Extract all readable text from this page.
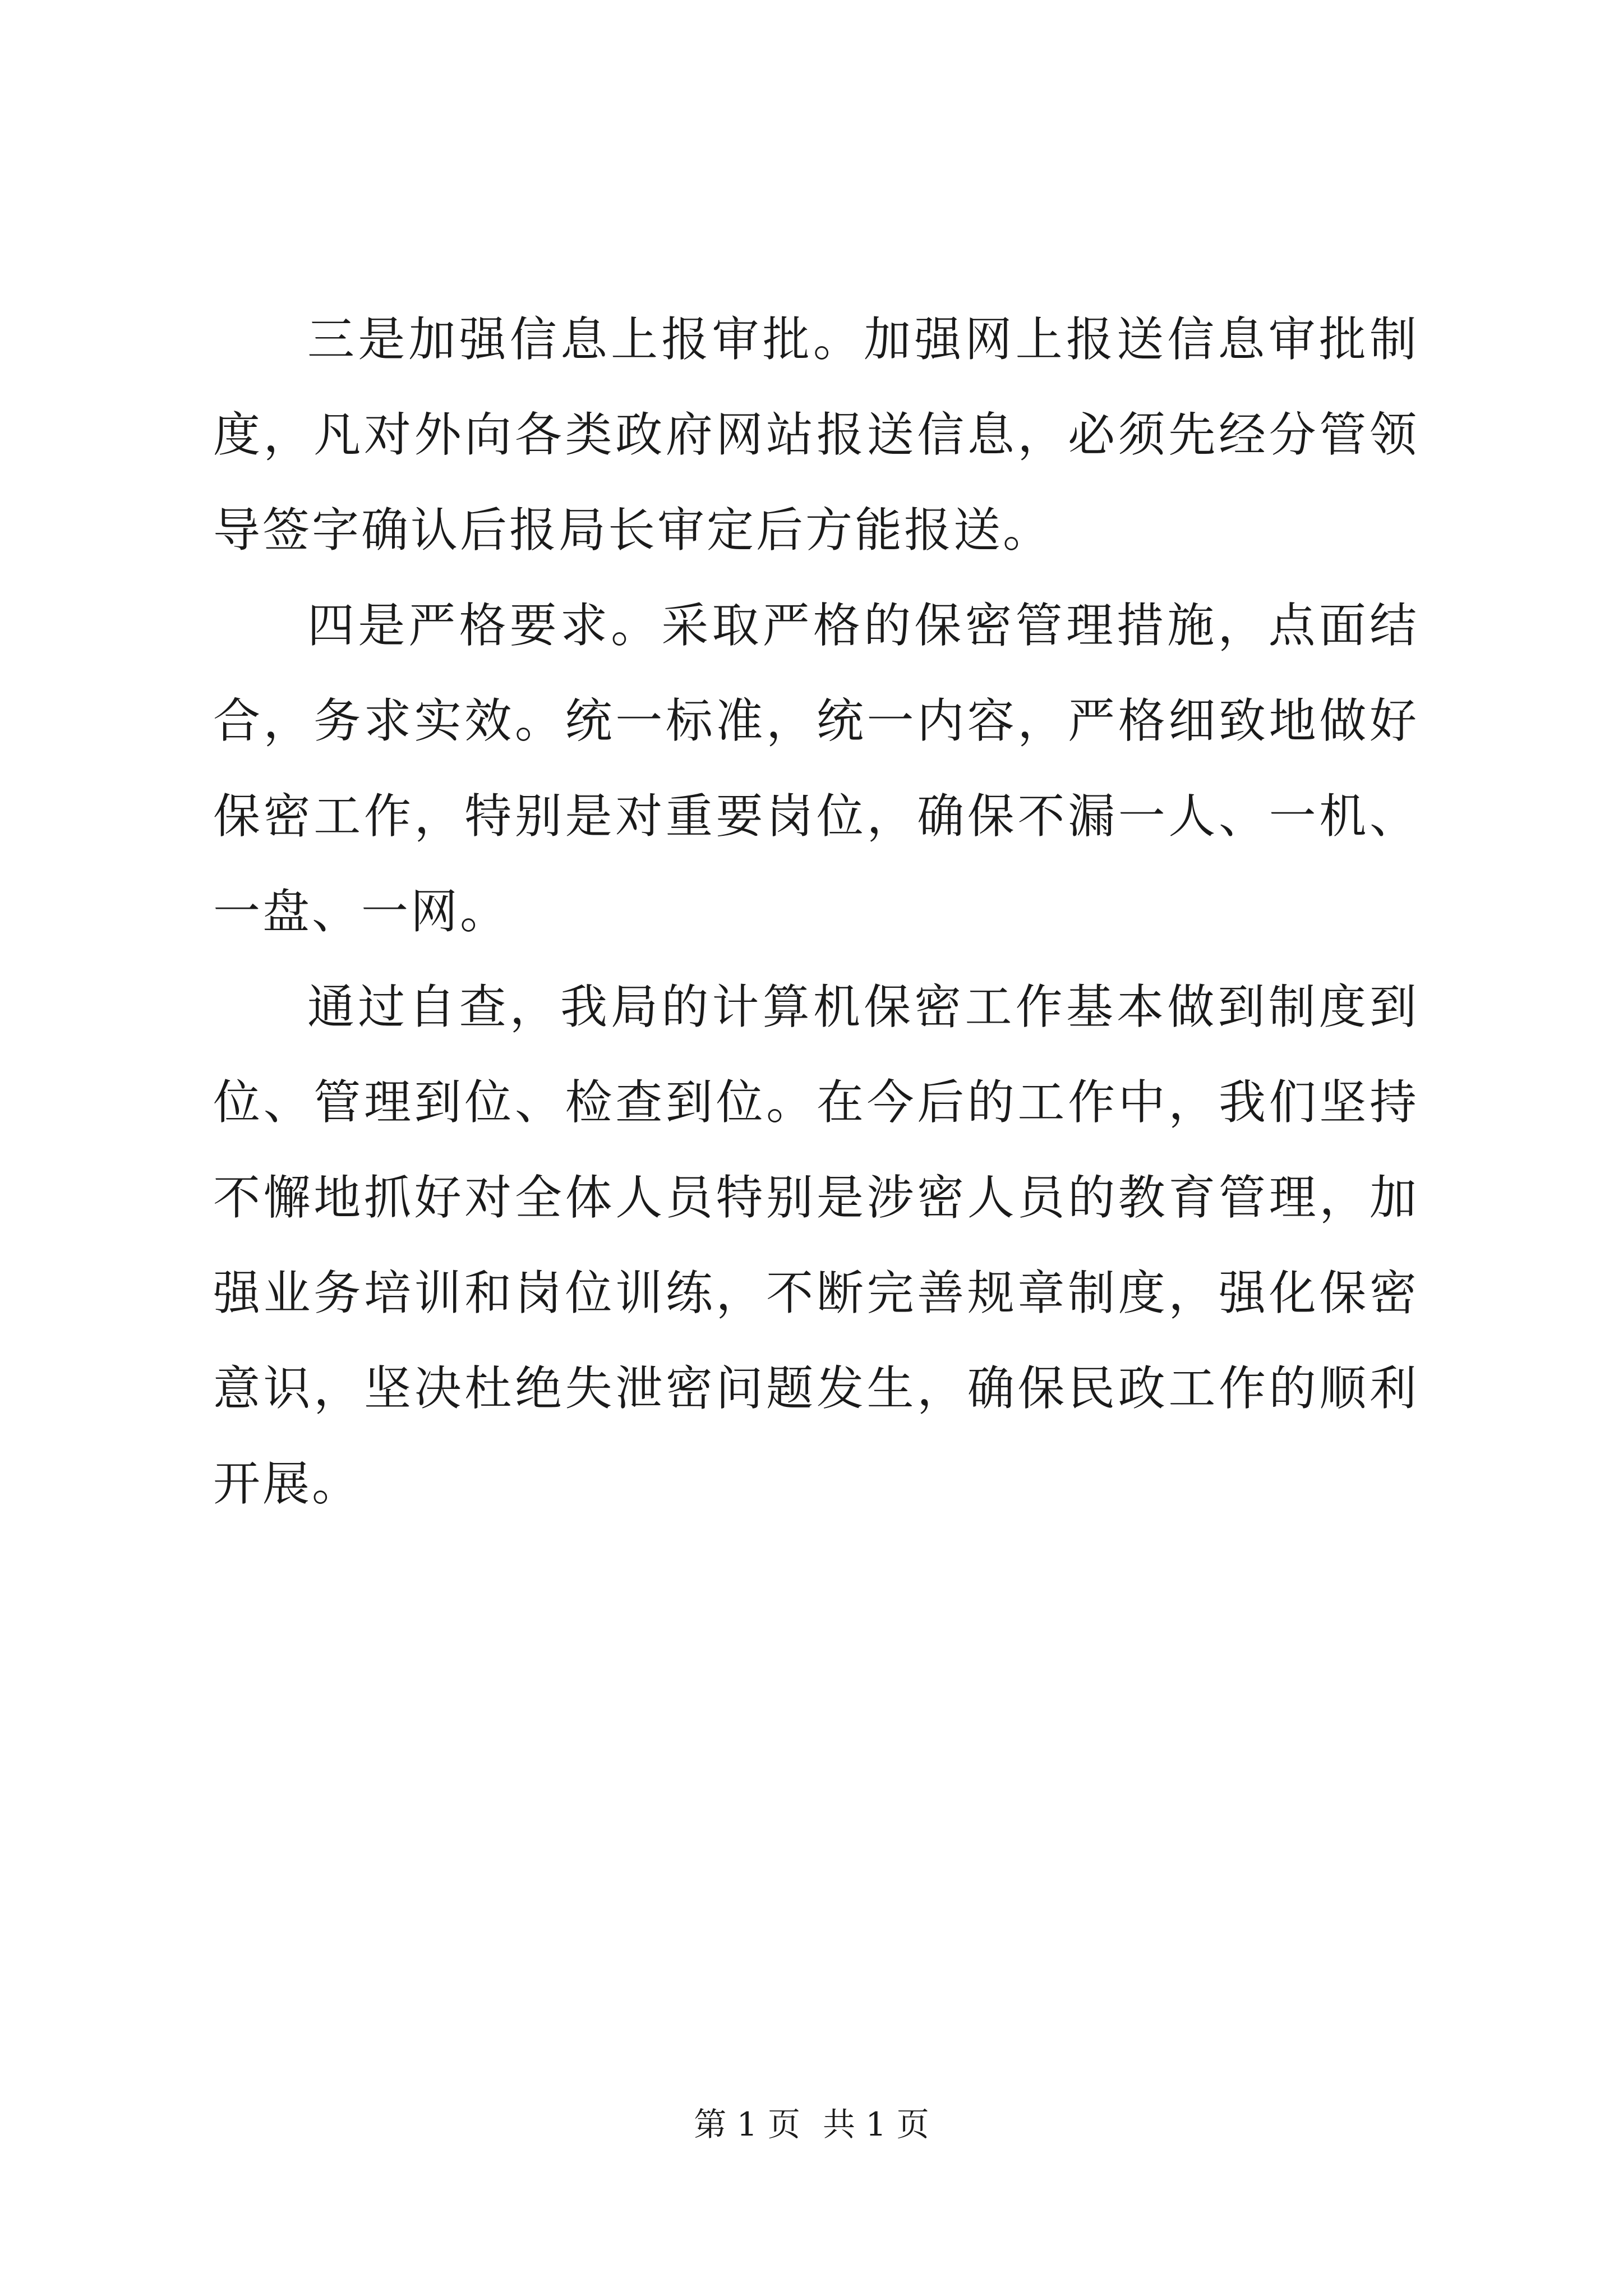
三是加强信息上报审批。加强网上报送信息审批制度，凡对外向各类政府网站报送信息，必须先经分管领导签字确认后报局长审定后方能报送。

四是严格要求。采取严格的保密管理措施，点面结合，务求实效。统一标准，统一内容，严格细致地做好保密工作，特别是对重要岗位，确保不漏一人、一机、一盘、一网。

通过自查，我局的计算机保密工作基本做到制度到位、管理到位、检查到位。在今后的工作中，我们坚持不懈地抓好对全体人员特别是涉密人员的教育管理，加强业务培训和岗位训练，不断完善规章制度，强化保密意识，坚决杜绝失泄密问题发生，确保民政工作的顺利开展。

第 1 页 共 1 页
